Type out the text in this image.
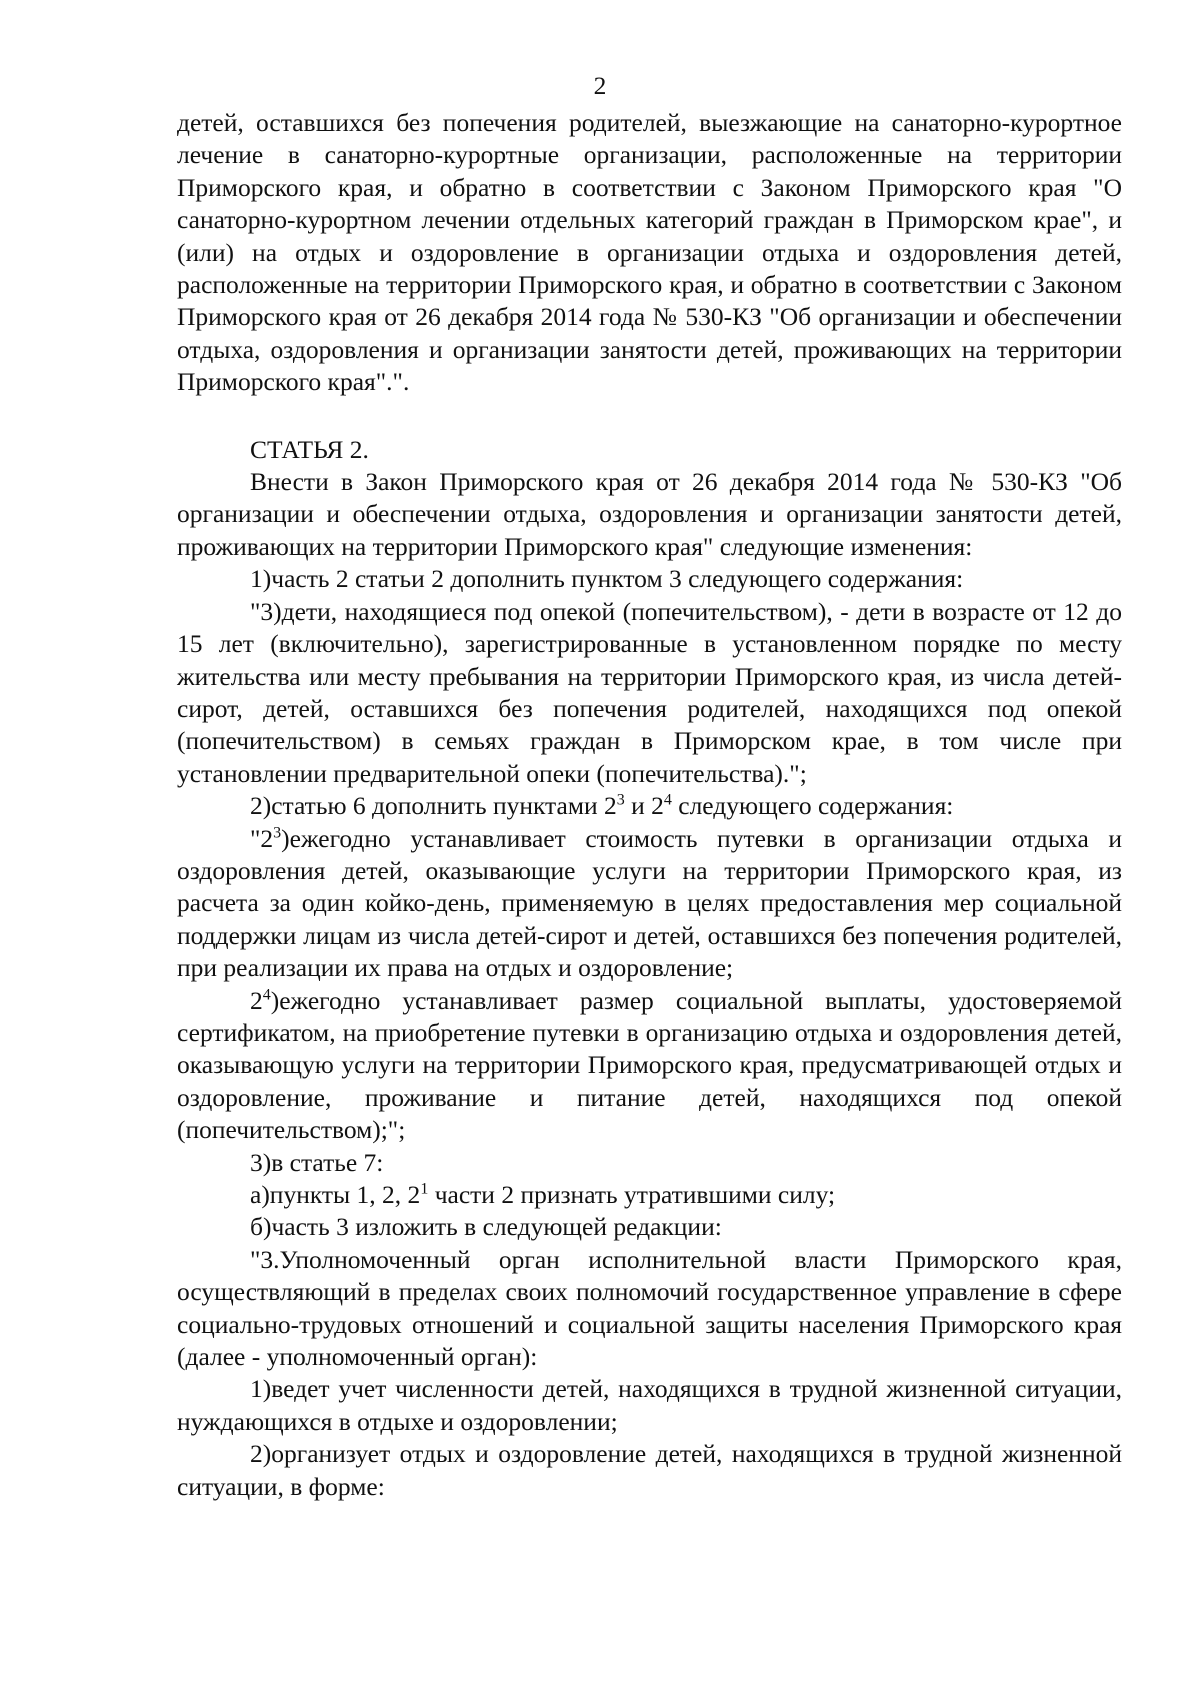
2

детей, оставшихся без попечения родителей, выезжающие на санаторно-курортное лечение в санаторно-курортные организации, расположенные на территории Приморского края, и обратно в соответствии с Законом Приморского края "О санаторно-курортном лечении отдельных категорий граждан в Приморском крае", и (или) на отдых и оздоровление в организации отдыха и оздоровления детей, расположенные на территории Приморского края, и обратно в соответствии с Законом Приморского края от 26 декабря 2014 года № 530-КЗ "Об организации и обеспечении отдыха, оздоровления и организации занятости детей, проживающих на территории Приморского края".".

СТАТЬЯ 2.

Внести в Закон Приморского края от 26 декабря 2014 года № 530-КЗ "Об организации и обеспечении отдыха, оздоровления и организации занятости детей, проживающих на территории Приморского края" следующие изменения:

1)часть 2 статьи 2 дополнить пунктом 3 следующего содержания:

"3)дети, находящиеся под опекой (попечительством), - дети в возрасте от 12 до 15 лет (включительно), зарегистрированные в установленном порядке по месту жительства или месту пребывания на территории Приморского края, из числа детей-сирот, детей, оставшихся без попечения родителей, находящихся под опекой (попечительством) в семьях граждан в Приморском крае, в том числе при установлении предварительной опеки (попечительства).";

2)статью 6 дополнить пунктами $2^3$ и $2^4$ следующего содержания:

"$2^3)ежегодно$ устанавливает стоимость путевки в организации отдыха и оздоровления детей, оказывающие услуги на территории Приморского края, из расчета за один койко-день, применяемую в целях предоставления мер социальной поддержки лицам из числа детей-сирот и детей, оставшихся без попечения родителей, при реализации их права на отдых и оздоровление;

$2^4)ежегодно$ устанавливает размер социальной выплаты, удостоверяемой сертификатом, на приобретение путевки в организацию отдыха и оздоровления детей, оказывающую услуги на территории Приморского края, предусматривающей отдых и оздоровление, проживание и питание детей, находящихся под опекой (попечительством);";

3)в статье 7:

а)пункты 1, 2, $2^1$ части 2 признать утратившими силу;

б)часть 3 изложить в следующей редакции:

"3.Уполномоченный орган исполнительной власти Приморского края, осуществляющий в пределах своих полномочий государственное управление в сфере социально-трудовых отношений и социальной защиты населения Приморского края (далее - уполномоченный орган):

1)ведет учет численности детей, находящихся в трудной жизненной ситуации, нуждающихся в отдыхе и оздоровлении;

2)организует отдых и оздоровление детей, находящихся в трудной жизненной ситуации, в форме:
